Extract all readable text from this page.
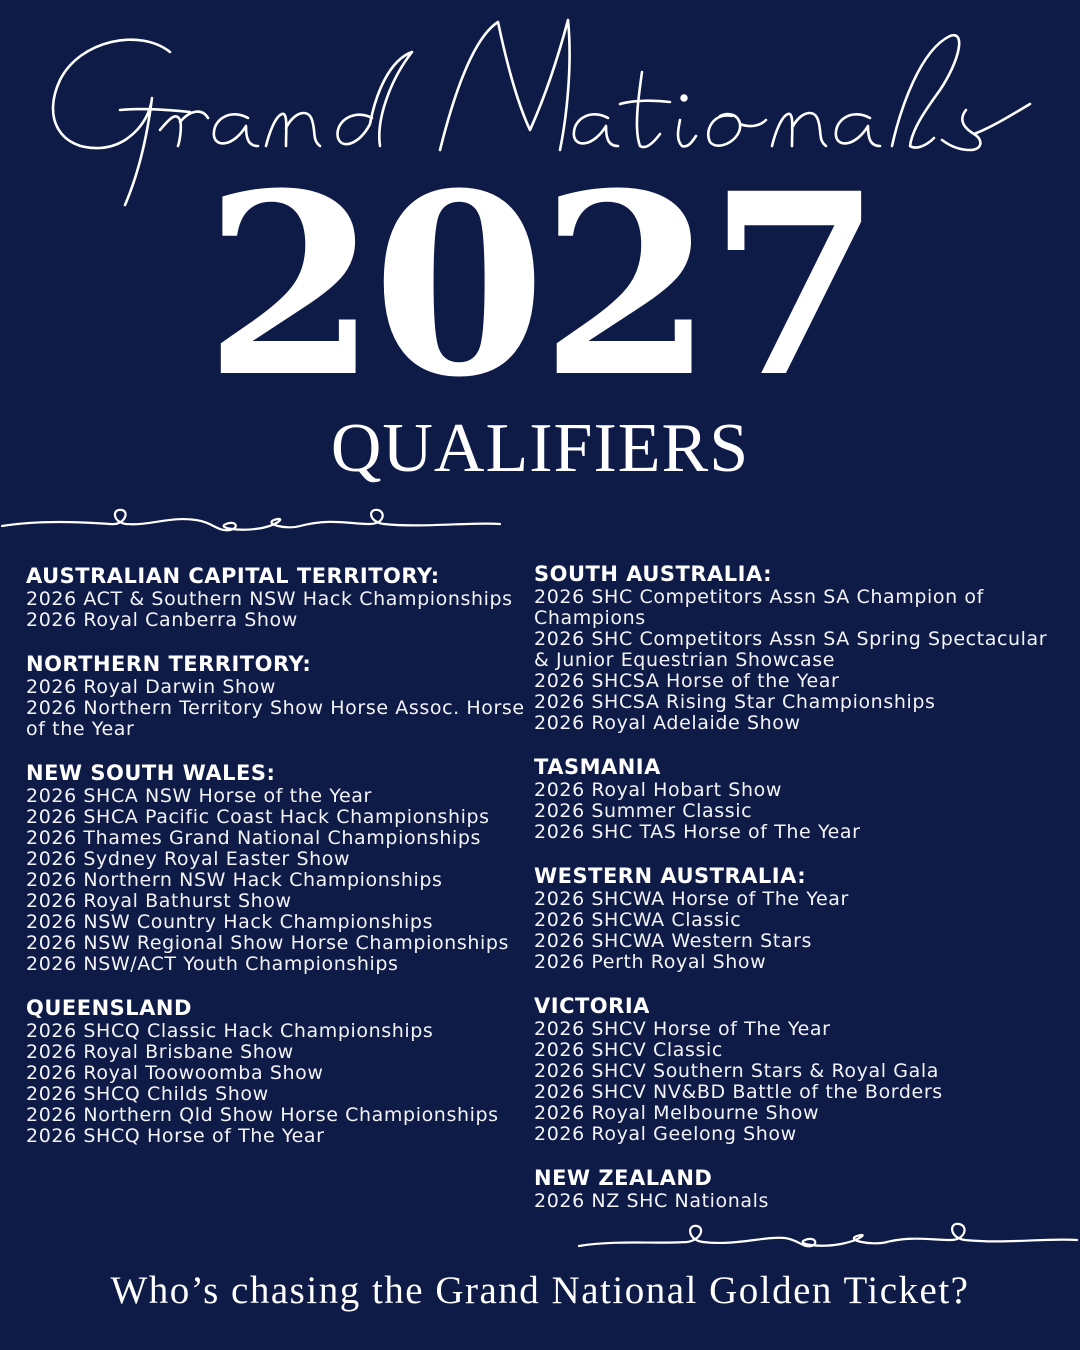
2027
QUALIFIERS
AUSTRALIAN CAPITAL TERRITORY:
2026 ACT & Southern NSW Hack Championships
2026 Royal Canberra Show
NORTHERN TERRITORY:
2026 Royal Darwin Show
2026 Northern Territory Show Horse Assoc. Horse of the Year
NEW SOUTH WALES:
2026 SHCA NSW Horse of the Year
2026 SHCA Pacific Coast Hack Championships
2026 Thames Grand National Championships
2026 Sydney Royal Easter Show
2026 Northern NSW Hack Championships
2026 Royal Bathurst Show
2026 NSW Country Hack Championships
2026 NSW Regional Show Horse Championships
2026 NSW/ACT Youth Championships
QUEENSLAND
2026 SHCQ Classic Hack Championships
2026 Royal Brisbane Show
2026 Royal Toowoomba Show
2026 SHCQ Childs Show
2026 Northern Qld Show Horse Championships
2026 SHCQ Horse of The Year
SOUTH AUSTRALIA:
2026 SHC Competitors Assn SA Champion of Champions
2026 SHC Competitors Assn SA Spring Spectacular & Junior Equestrian Showcase
2026 SHCSA Horse of the Year
2026 SHCSA Rising Star Championships
2026 Royal Adelaide Show
TASMANIA
2026 Royal Hobart Show
2026 Summer Classic
2026 SHC TAS Horse of The Year
WESTERN AUSTRALIA:
2026 SHCWA Horse of The Year
2026 SHCWA Classic
2026 SHCWA Western Stars
2026 Perth Royal Show
VICTORIA
2026 SHCV Horse of The Year
2026 SHCV Classic
2026 SHCV Southern Stars & Royal Gala
2026 SHCV NV&BD Battle of the Borders
2026 Royal Melbourne Show
2026 Royal Geelong Show
NEW ZEALAND
2026 NZ SHC Nationals
Who’s chasing the Grand National Golden Ticket?
